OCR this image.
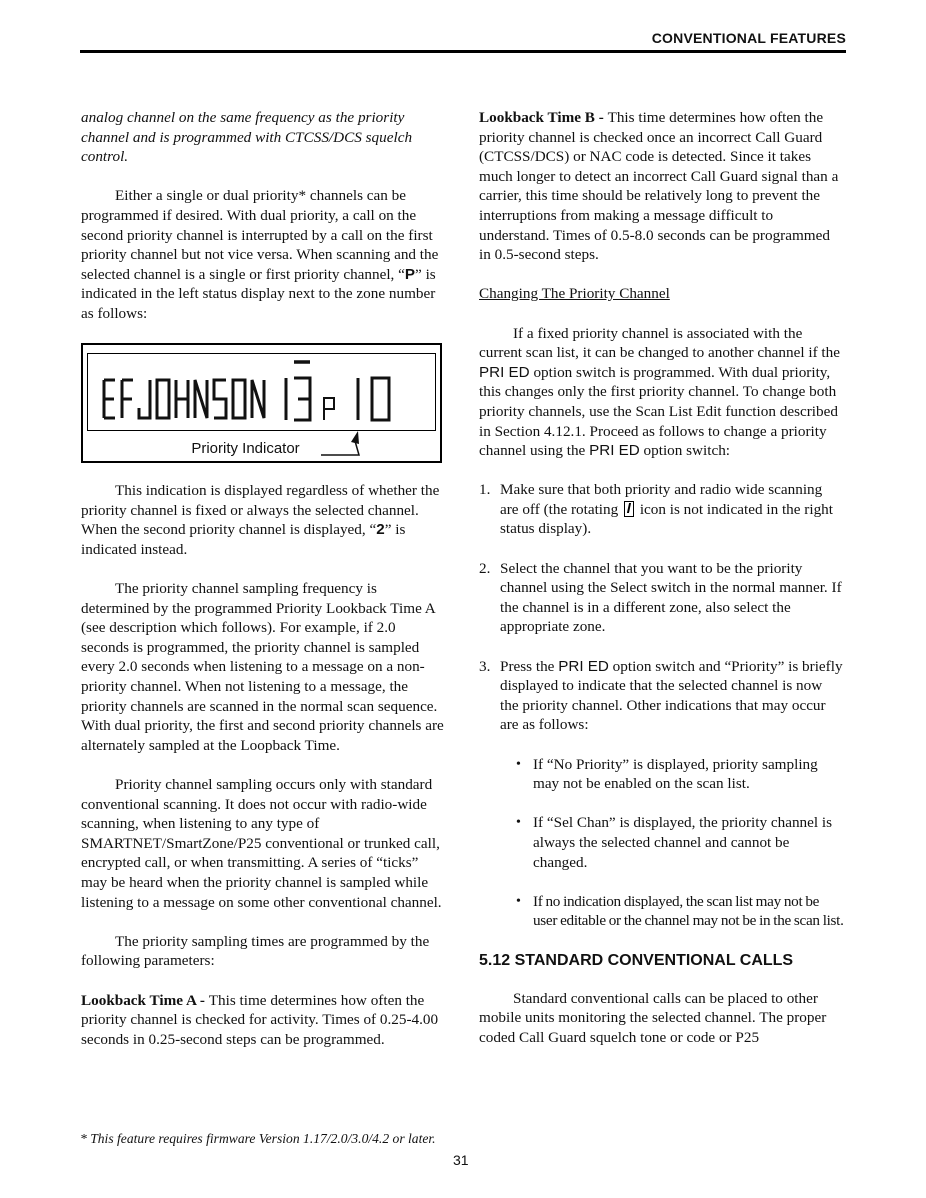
CONVENTIONAL FEATURES

analog channel on the same frequency as the priority channel and is programmed with CTCSS/DCS squelch control.

Either a single or dual priority* channels can be programmed if desired. With dual priority, a call on the second priority channel is interrupted by a call on the first priority channel but not vice versa. When scanning and the selected channel is a single or first priority channel, “P” is indicated in the left status display next to the zone number as follows:

Priority Indicator

This indication is displayed regardless of whether the priority channel is fixed or always the selected channel. When the second priority channel is displayed, “2” is indicated instead.

The priority channel sampling frequency is determined by the programmed Priority Lookback Time A (see description which follows). For example, if 2.0 seconds is programmed, the priority channel is sampled every 2.0 seconds when listening to a message on a non-priority channel. When not listening to a message, the priority channels are scanned in the normal scan sequence. With dual priority, the first and second priority channels are alternately sampled at the Loopback Time.

Priority channel sampling occurs only with standard conventional scanning. It does not occur with radio-wide scanning, when listening to any type of SMARTNET/SmartZone/P25 conventional or trunked call, encrypted call, or when transmitting. A series of “ticks” may be heard when the priority channel is sampled while listening to a message on some other conventional channel.

The priority sampling times are programmed by the following parameters:

Lookback Time A - This time determines how often the priority channel is checked for activity. Times of 0.25-4.00 seconds in 0.25-second steps can be programmed.

Lookback Time B - This time determines how often the priority channel is checked once an incorrect Call Guard (CTCSS/DCS) or NAC code is detected. Since it takes much longer to detect an incorrect Call Guard signal than a carrier, this time should be relatively long to prevent the interruptions from making a message difficult to understand. Times of 0.5-8.0 seconds can be programmed in 0.5-second steps.

Changing The Priority Channel

If a fixed priority channel is associated with the current scan list, it can be changed to another channel if the PRI ED option switch is programmed. With dual priority, this changes only the first priority channel. To change both priority channels, use the Scan List Edit function described in Section 4.12.1. Proceed as follows to change a priority channel using the PRI ED option switch:

1. Make sure that both priority and radio wide scanning are off (the rotating  icon is not indicated in the right status display).
2. Select the channel that you want to be the priority channel using the Select switch in the normal manner. If the channel is in a different zone, also select the appropriate zone.
3. Press the PRI ED option switch and “Priority” is briefly displayed to indicate that the selected channel is now the priority channel. Other indications that may occur are as follows:
• If “No Priority” is displayed, priority sampling may not be enabled on the scan list.
• If “Sel Chan” is displayed, the priority channel is always the selected channel and cannot be changed.
• If no indication displayed, the scan list may not be user editable or the channel may not be in the scan list.
5.12 STANDARD CONVENTIONAL CALLS

Standard conventional calls can be placed to other mobile units monitoring the selected channel. The proper coded Call Guard squelch tone or code or P25

* This feature requires firmware Version 1.17/2.0/3.0/4.2 or later.
31
